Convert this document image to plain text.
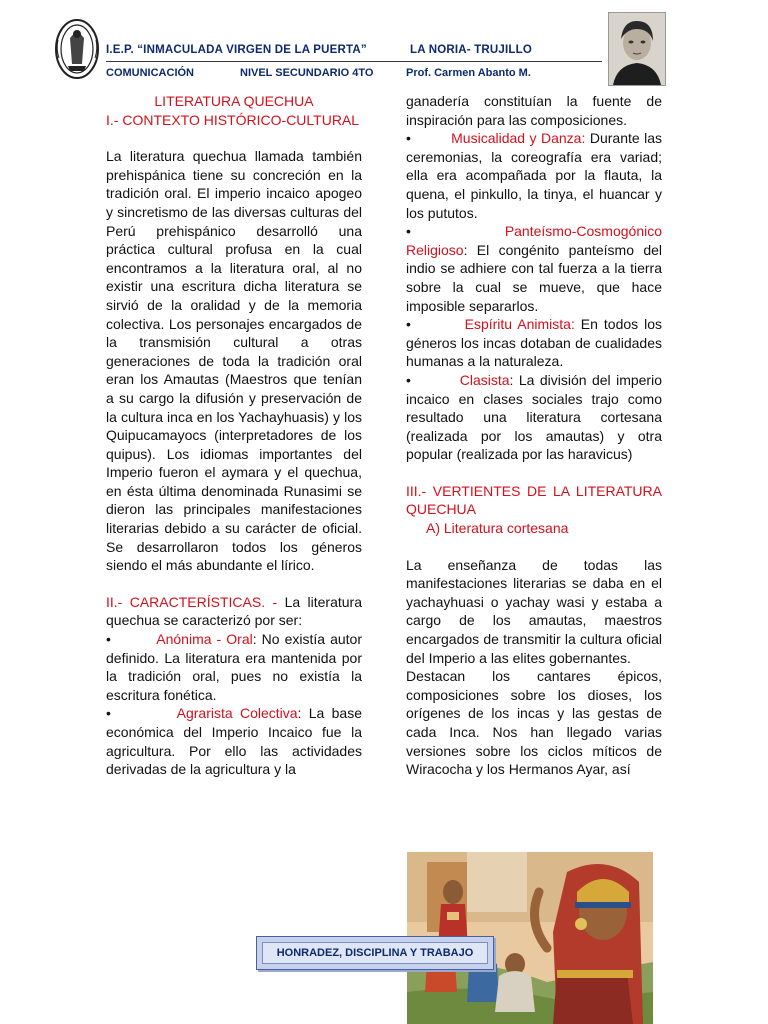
I.E.P. “INMACULADA VIRGEN DE LA PUERTA”	LA NORIA- TRUJILLO
COMUNICACIÓN	NIVEL SECUNDARIO 4TO	Prof. Carmen Abanto M.

LITERATURA QUECHUA

I.- CONTEXTO HISTÓRICO-CULTURAL

La literatura quechua llamada también prehispánica tiene su concreción en la tradición oral. El imperio incaico apogeo y sincretismo de las diversas culturas del Perú prehispánico desarrolló una práctica cultural profusa en la cual encontramos a la literatura oral, al no existir una escritura dicha literatura se sirvió de la oralidad y de la memoria colectiva. Los personajes encargados de la transmisión cultural a otras generaciones de toda la tradición oral eran los Amautas (Maestros que tenían a su cargo la difusión y preservación de la cultura inca en los Yachayhuasis) y los Quipucamayocs (interpretadores de los quipus). Los idiomas importantes del Imperio fueron el aymara y el quechua, en ésta última denominada Runasimi se dieron las principales manifestaciones literarias debido a su carácter de oficial. Se desarrollaron todos los géneros siendo el más abundante el lírico.

II.- CARACTERÍSTICAS. - La literatura quechua se caracterizó por ser:

•	Anónima - Oral: No existía autor definido. La literatura era mantenida por la tradición oral, pues no existía la escritura fonética.

•	Agrarista Colectiva: La base económica del Imperio Incaico fue la agricultura. Por ello las actividades derivadas de la agricultura y la

ganadería constituían la fuente de inspiración para las composiciones.

•	Musicalidad y Danza: Durante las ceremonias, la coreografía era variad; ella era acompañada por la flauta, la quena, el pinkullo, la tinya, el huancar y los pututos.

•	Panteísmo-Cosmogónico Religioso: El congénito panteísmo del indio se adhiere con tal fuerza a la tierra sobre la cual se mueve, que hace imposible separarlos.

•	Espíritu Animista: En todos los géneros los incas dotaban de cualidades humanas a la naturaleza.

•	Clasista: La división del imperio incaico en clases sociales trajo como resultado una literatura cortesana (realizada por los amautas) y otra popular (realizada por las haravicus)

III.- VERTIENTES DE LA LITERATURA QUECHUA

A) Literatura cortesana

La enseñanza de todas las manifestaciones literarias se daba en el yachayhuasi o yachay wasi y estaba a cargo de los amautas, maestros encargados de transmitir la cultura oficial del Imperio a las elites gobernantes.

Destacan los cantares épicos, composiciones sobre los dioses, los orígenes de los incas y las gestas de cada Inca. Nos han llegado varias versiones sobre los ciclos míticos de Wiracocha y los Hermanos Ayar, así

HONRADEZ, DISCIPLINA Y TRABAJO
